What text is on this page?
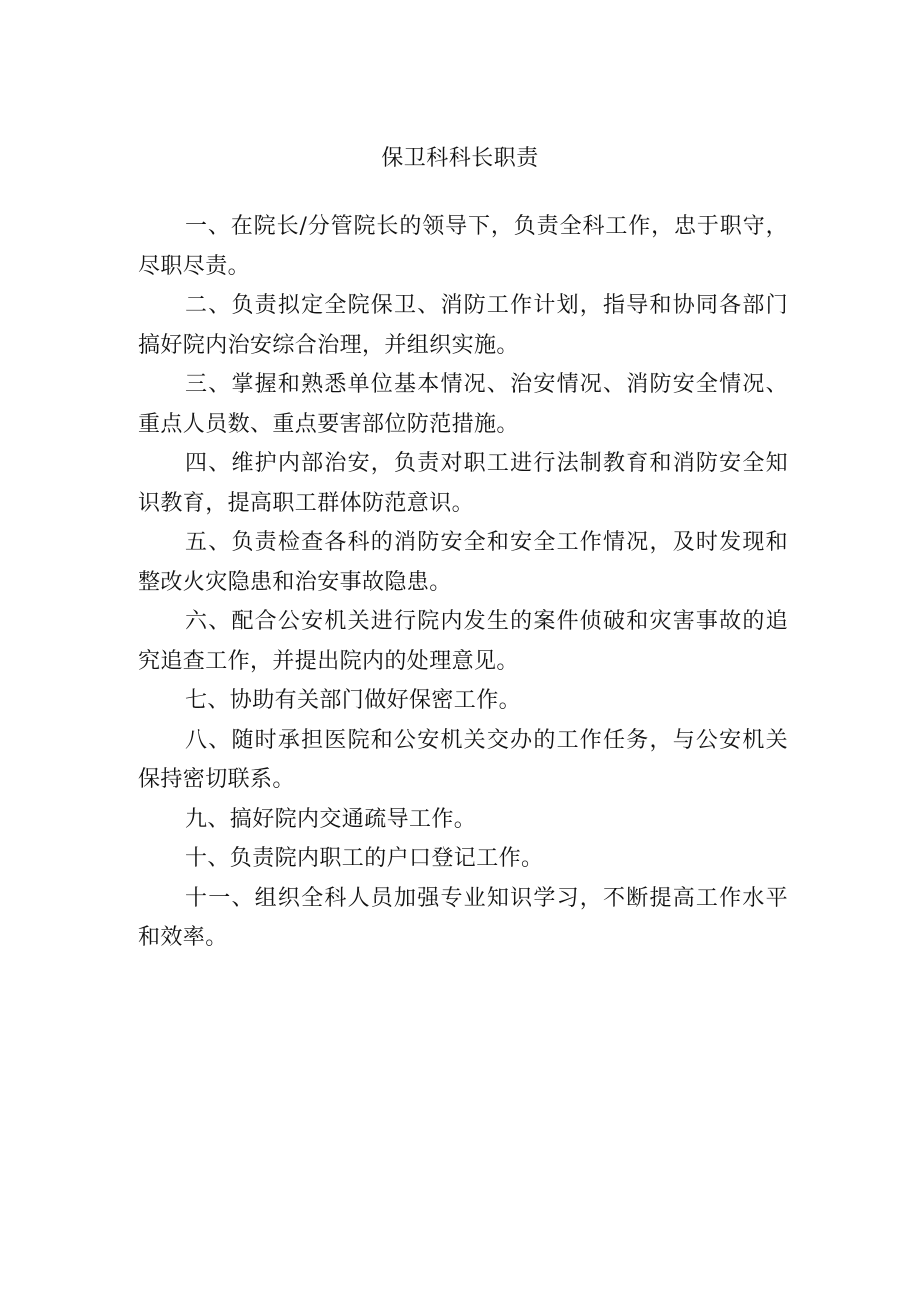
保卫科科长职责

一、在院长/分管院长的领导下，负责全科工作，忠于职守，尽职尽责。

二、负责拟定全院保卫、消防工作计划，指导和协同各部门搞好院内治安综合治理，并组织实施。

三、掌握和熟悉单位基本情况、治安情况、消防安全情况、重点人员数、重点要害部位防范措施。

四、维护内部治安，负责对职工进行法制教育和消防安全知识教育，提高职工群体防范意识。

五、负责检查各科的消防安全和安全工作情况，及时发现和整改火灾隐患和治安事故隐患。

六、配合公安机关进行院内发生的案件侦破和灾害事故的追究追查工作，并提出院内的处理意见。

七、协助有关部门做好保密工作。

八、随时承担医院和公安机关交办的工作任务，与公安机关保持密切联系。

九、搞好院内交通疏导工作。

十、负责院内职工的户口登记工作。

十一、组织全科人员加强专业知识学习，不断提高工作水平和效率。
